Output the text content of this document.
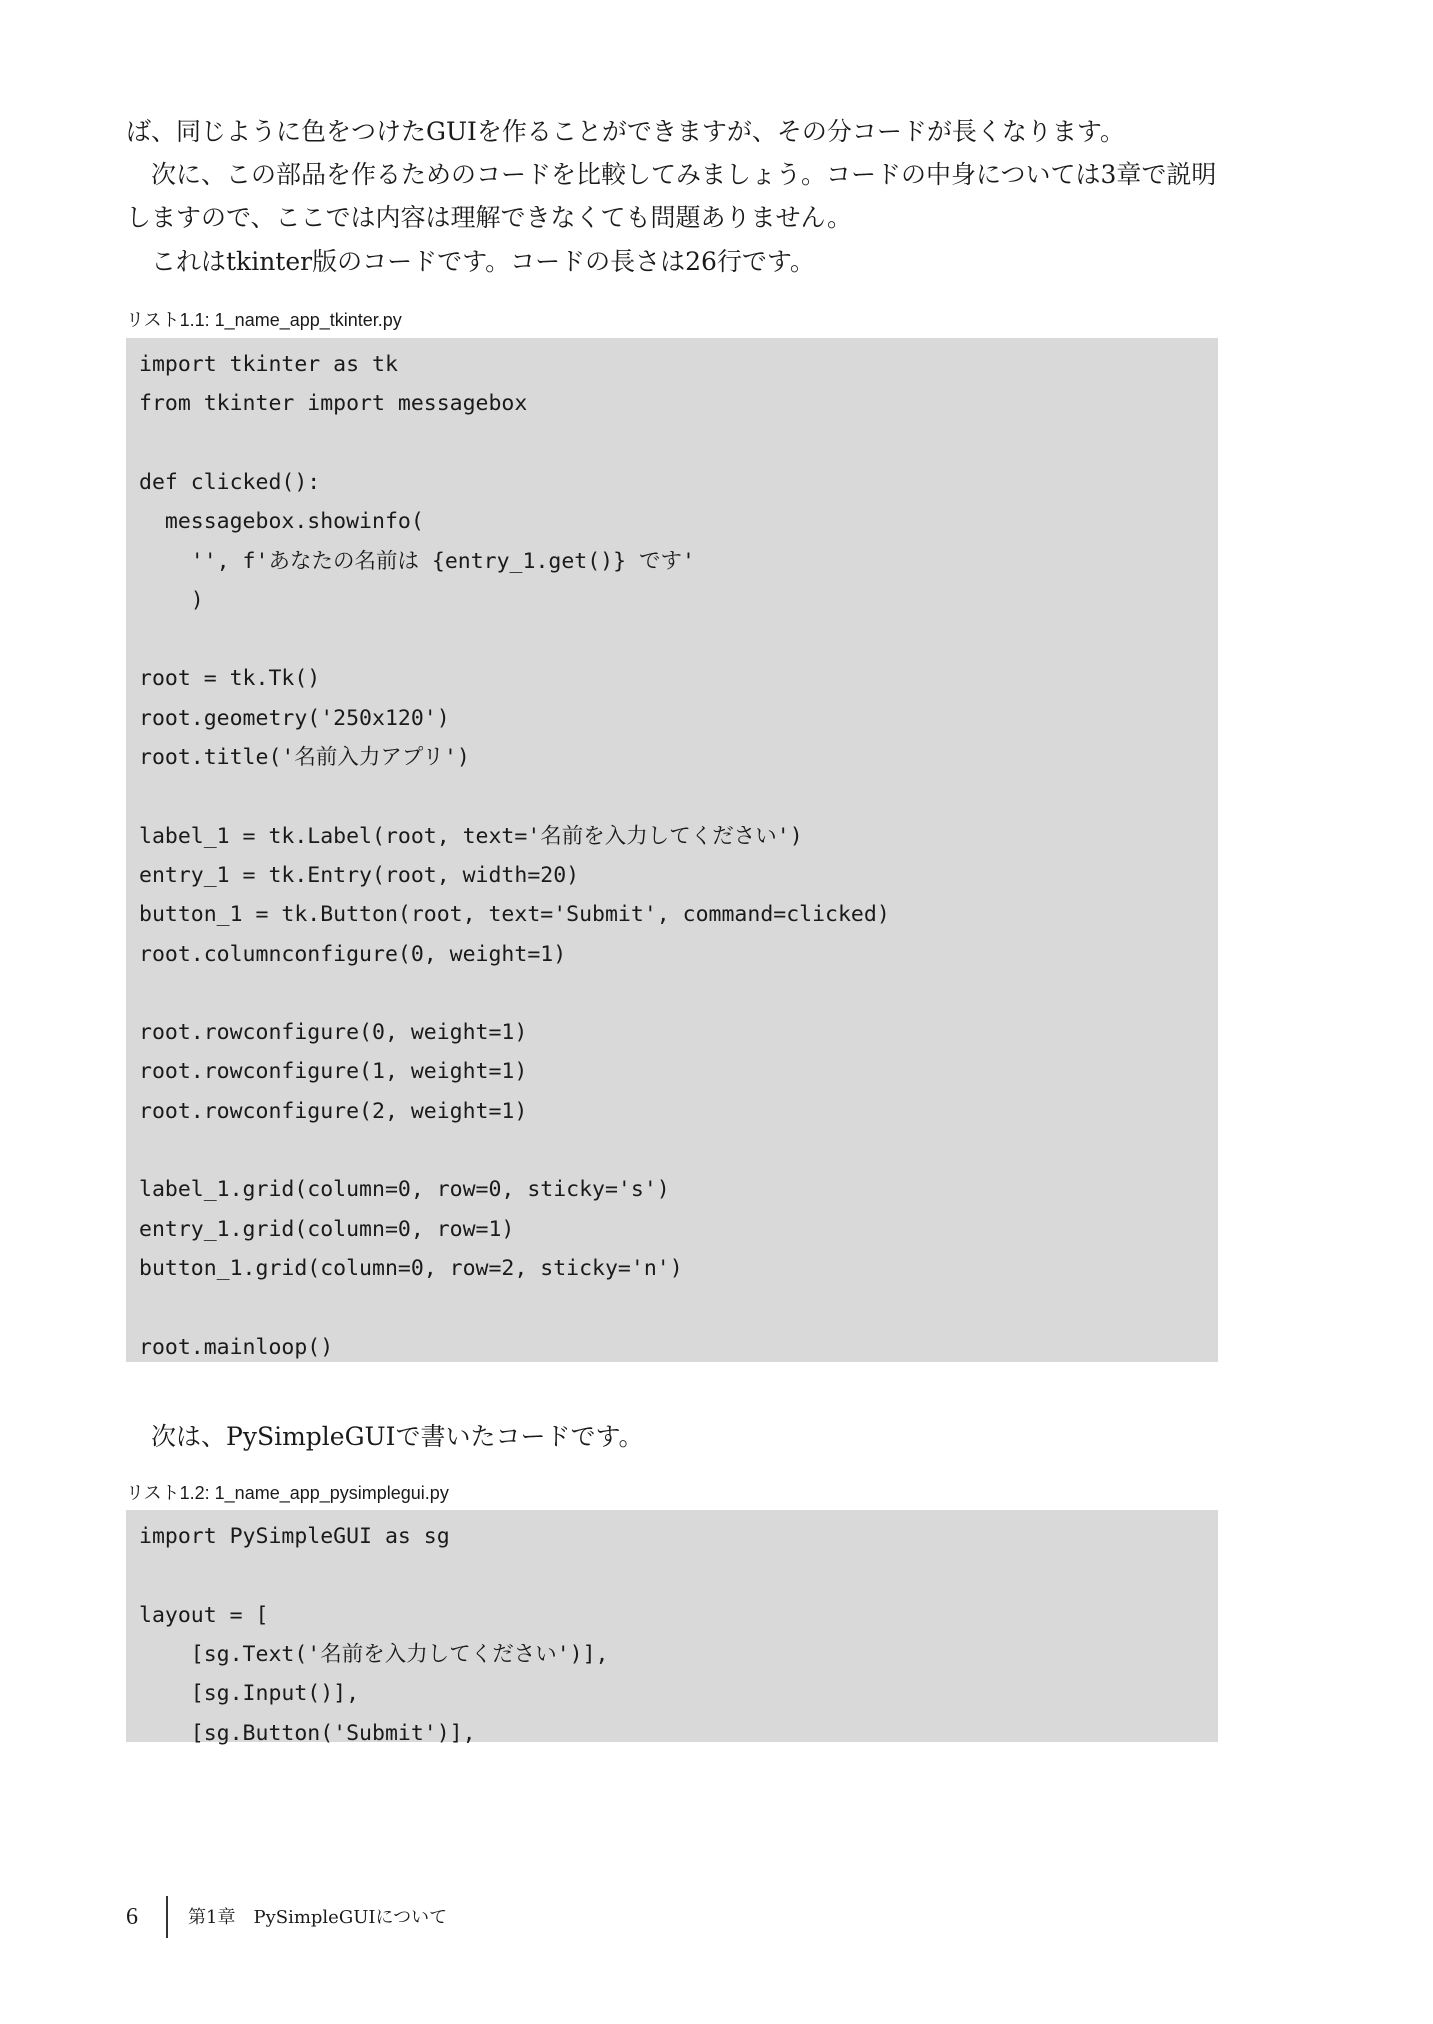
ば、同じように色をつけたGUIを作ることができますが、その分コードが長くなります。
　次に、この部品を作るためのコードを比較してみましょう。コードの中身については3章で説明
しますので、ここでは内容は理解できなくても問題ありません。
　これはtkinter版のコードです。コードの長さは26行です。
リスト1.1: 1_name_app_tkinter.py
import tkinter as tk
from tkinter import messagebox
def clicked():
messagebox.showinfo(
'', f'あなたの名前は {entry_1.get()} です'
)
root = tk.Tk()
root.geometry('250x120')
root.title('名前入力アプリ')
label_1 = tk.Label(root, text='名前を入力してください')
entry_1 = tk.Entry(root, width=20)
button_1 = tk.Button(root, text='Submit', command=clicked)
root.columnconfigure(0, weight=1)
root.rowconfigure(0, weight=1)
root.rowconfigure(1, weight=1)
root.rowconfigure(2, weight=1)
label_1.grid(column=0, row=0, sticky='s')
entry_1.grid(column=0, row=1)
button_1.grid(column=0, row=2, sticky='n')
root.mainloop()
　次は、PySimpleGUIで書いたコードです。
リスト1.2: 1_name_app_pysimplegui.py
import PySimpleGUI as sg
layout = [
[sg.Text('名前を入力してください')],
[sg.Input()],
[sg.Button('Submit')],
6	第1章　PySimpleGUIについて
